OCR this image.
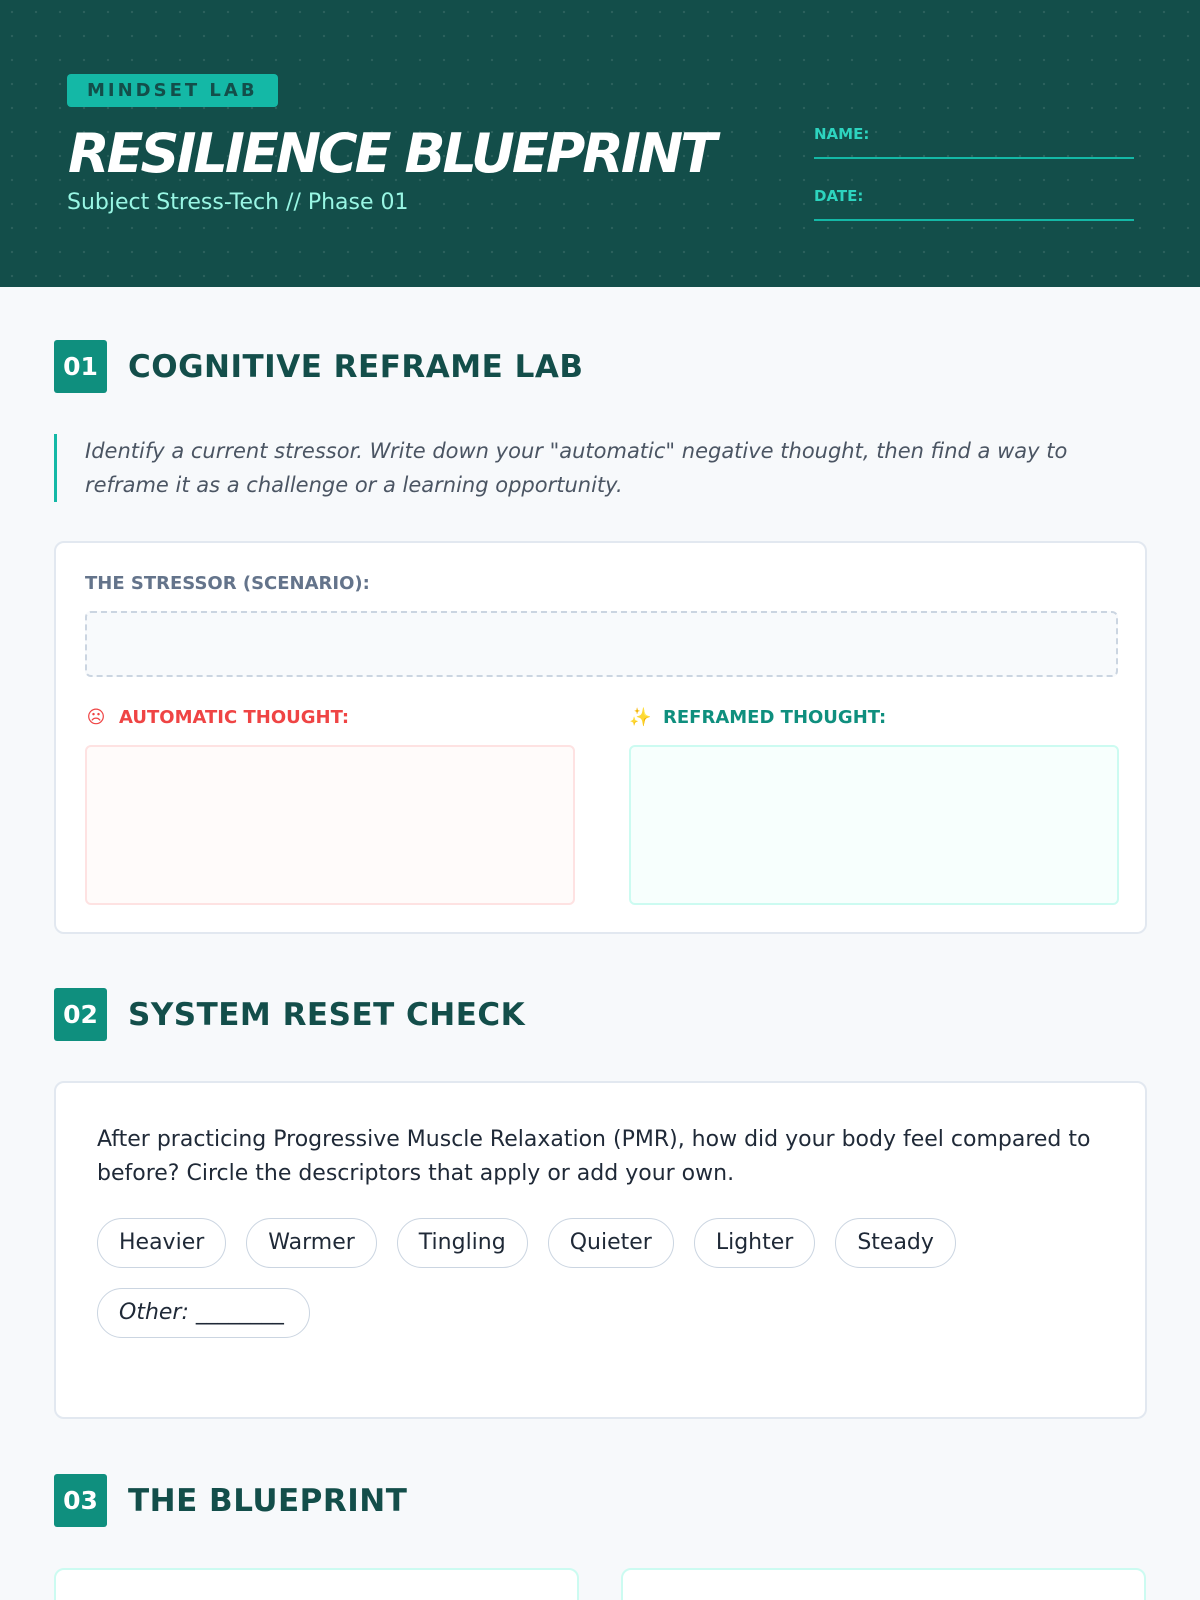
MINDSET LAB
RESILIENCE BLUEPRINT
Subject Stress-Tech // Phase 01
NAME:
DATE:
01 COGNITIVE REFRAME LAB
Identify a current stressor. Write down your "automatic" negative thought, then find a way to reframe it as a challenge or a learning opportunity.
THE STRESSOR (SCENARIO):
☹ AUTOMATIC THOUGHT:	✨ REFRAMED THOUGHT:
02 SYSTEM RESET CHECK
After practicing Progressive Muscle Relaxation (PMR), how did your body feel compared to before? Circle the descriptors that apply or add your own.
Heavier	Warmer	Tingling	Quieter	Lighter	Steady
Other: ________
03 THE BLUEPRINT
